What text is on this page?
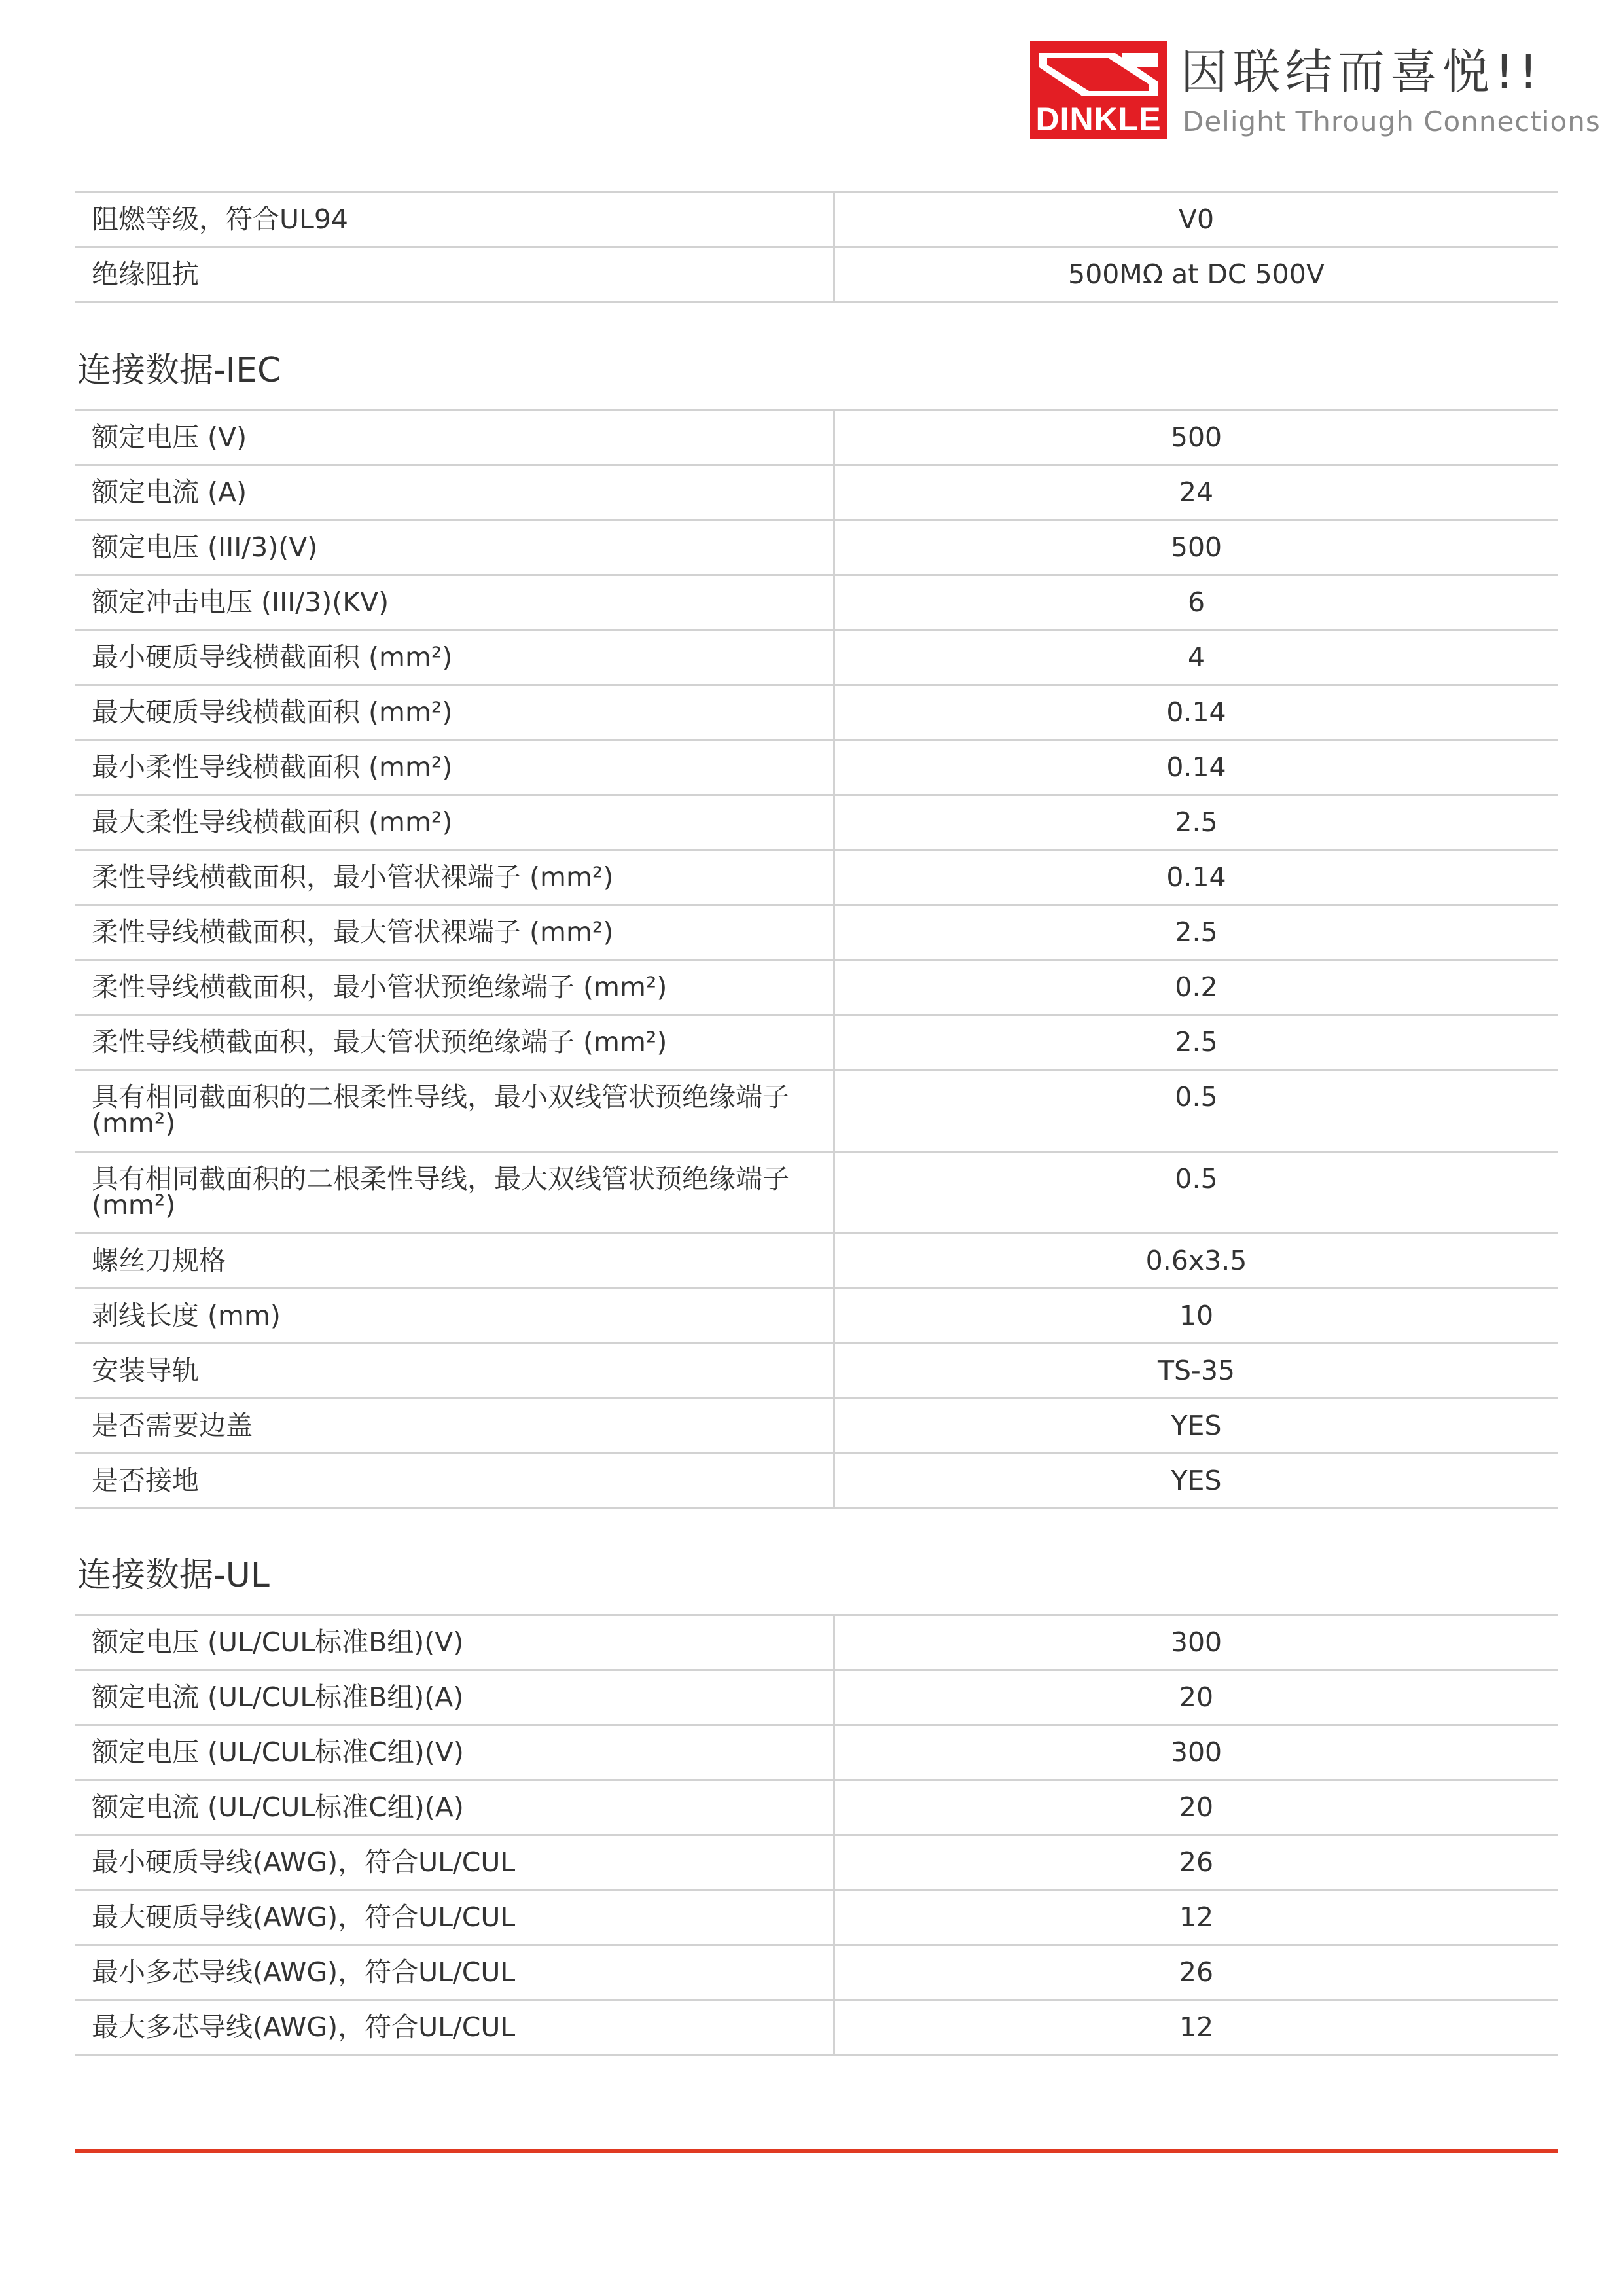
DINKLE
因联结而喜悦!!
Delight Through Connections
阻燃等级，符合UL94	V0
绝缘阻抗	500MΩ at DC 500V
连接数据-IEC
额定电压 (V)	500
额定电流 (A)	24
额定电压 (III/3)(V)	500
额定冲击电压 (III/3)(KV)	6
最小硬质导线横截面积 (mm²)	4
最大硬质导线横截面积 (mm²)	0.14
最小柔性导线横截面积 (mm²)	0.14
最大柔性导线横截面积 (mm²)	2.5
柔性导线横截面积，最小管状裸端子 (mm²)	0.14
柔性导线横截面积，最大管状裸端子 (mm²)	2.5
柔性导线横截面积，最小管状预绝缘端子 (mm²)	0.2
柔性导线横截面积，最大管状预绝缘端子 (mm²)	2.5
具有相同截面积的二根柔性导线，最小双线管状预绝缘端子 (mm²)	0.5
具有相同截面积的二根柔性导线，最大双线管状预绝缘端子 (mm²)	0.5
螺丝刀规格	0.6x3.5
剥线长度 (mm)	10
安装导轨	TS-35
是否需要边盖	YES
是否接地	YES
连接数据-UL
额定电压 (UL/CUL标准B组)(V)	300
额定电流 (UL/CUL标准B组)(A)	20
额定电压 (UL/CUL标准C组)(V)	300
额定电流 (UL/CUL标准C组)(A)	20
最小硬质导线(AWG)，符合UL/CUL	26
最大硬质导线(AWG)，符合UL/CUL	12
最小多芯导线(AWG)，符合UL/CUL	26
最大多芯导线(AWG)，符合UL/CUL	12
